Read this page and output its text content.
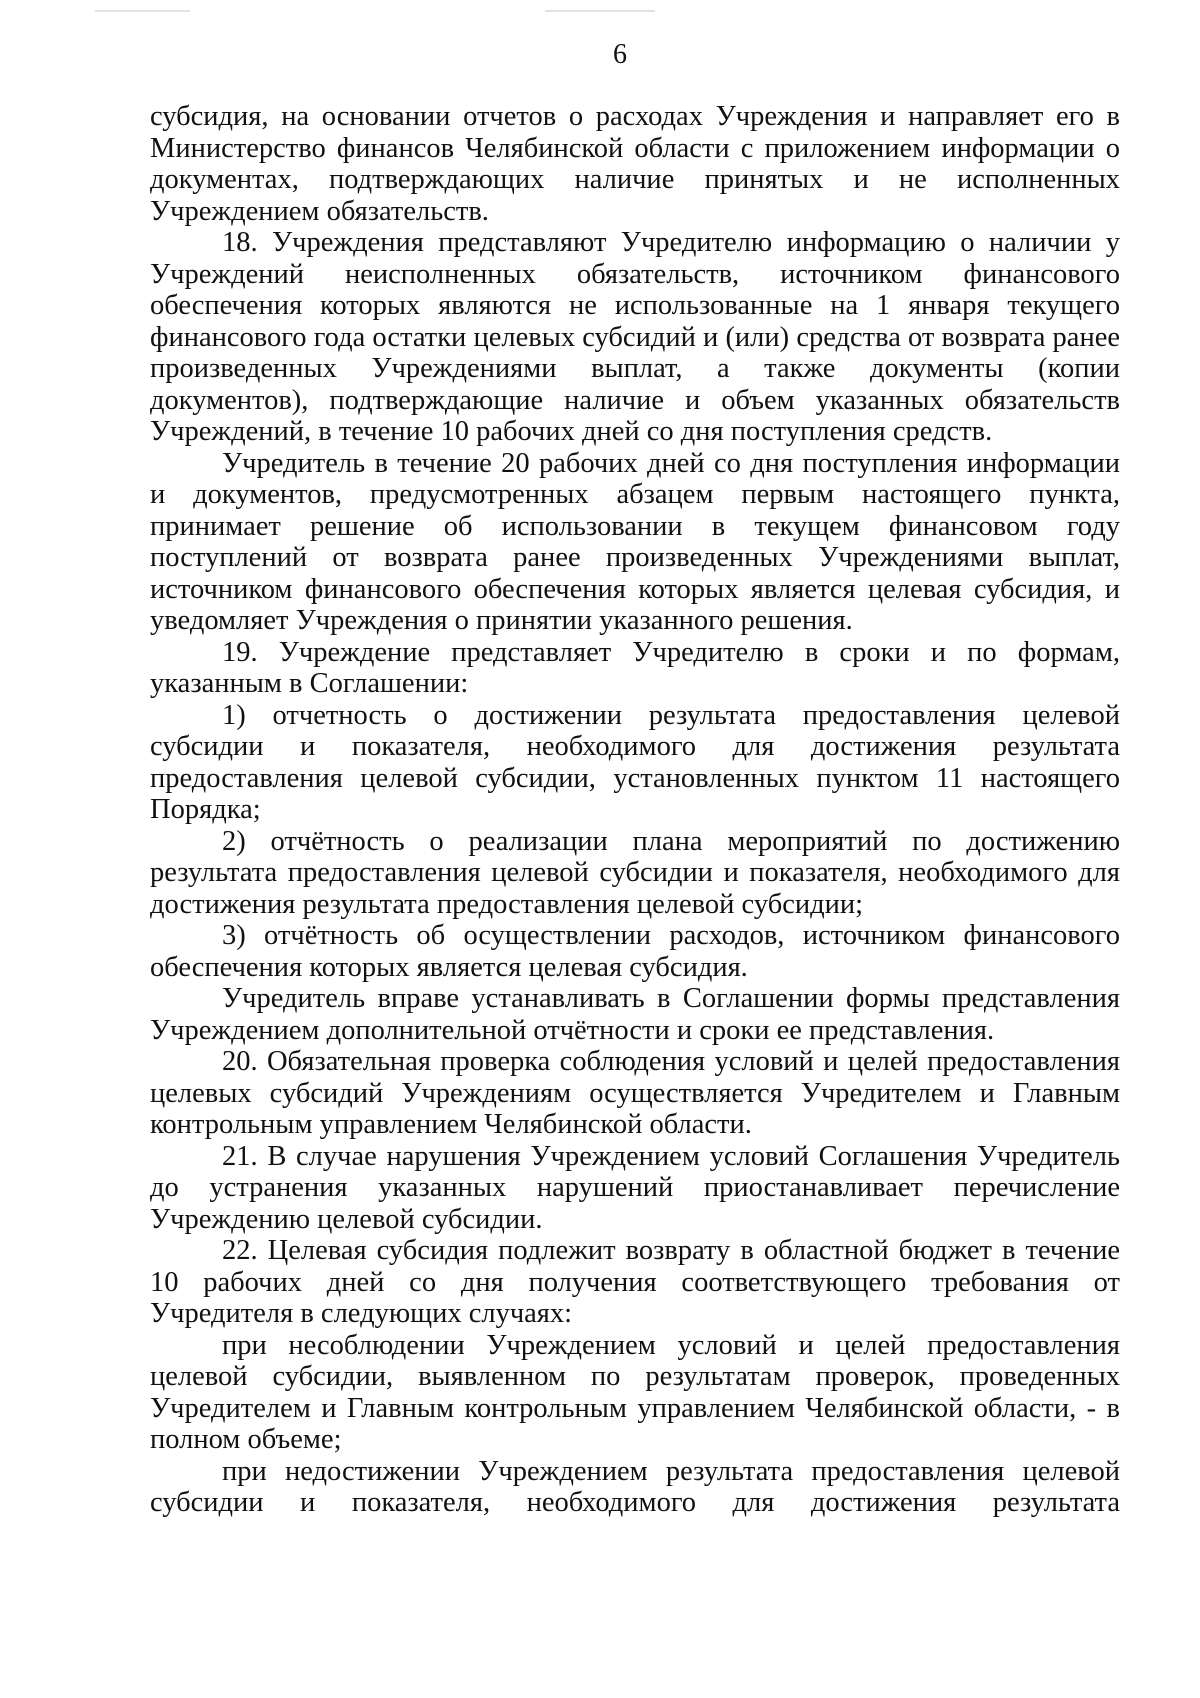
6

субсидия, на основании отчетов о расходах Учреждения и направляет его в Министерство финансов Челябинской области с приложением информации о документах, подтверждающих наличие принятых и не исполненных Учреждением обязательств.

18. Учреждения представляют Учредителю информацию о наличии у Учреждений неисполненных обязательств, источником финансового обеспечения которых являются не использованные на 1 января текущего финансового года остатки целевых субсидий и (или) средства от возврата ранее произведенных Учреждениями выплат, а также документы (копии документов), подтверждающие наличие и объем указанных обязательств Учреждений, в течение 10 рабочих дней со дня поступления средств.

Учредитель в течение 20 рабочих дней со дня поступления информации и документов, предусмотренных абзацем первым настоящего пункта, принимает решение об использовании в текущем финансовом году поступлений от возврата ранее произведенных Учреждениями выплат, источником финансового обеспечения которых является целевая субсидия, и уведомляет Учреждения о принятии указанного решения.

19. Учреждение представляет Учредителю в сроки и по формам, указанным в Соглашении:

1) отчетность о достижении результата предоставления целевой субсидии и показателя, необходимого для достижения результата предоставления целевой субсидии, установленных пунктом 11 настоящего Порядка;

2) отчётность о реализации плана мероприятий по достижению результата предоставления целевой субсидии и показателя, необходимого для достижения результата предоставления целевой субсидии;

3) отчётность об осуществлении расходов, источником финансового обеспечения которых является целевая субсидия.

Учредитель вправе устанавливать в Соглашении формы представления Учреждением дополнительной отчётности и сроки ее представления.

20. Обязательная проверка соблюдения условий и целей предоставления целевых субсидий Учреждениям осуществляется Учредителем и Главным контрольным управлением Челябинской области.

21. В случае нарушения Учреждением условий Соглашения Учредитель до устранения указанных нарушений приостанавливает перечисление Учреждению целевой субсидии.

22. Целевая субсидия подлежит возврату в областной бюджет в течение 10 рабочих дней со дня получения соответствующего требования от Учредителя в следующих случаях:

при несоблюдении Учреждением условий и целей предоставления целевой субсидии, выявленном по результатам проверок, проведенных Учредителем и Главным контрольным управлением Челябинской области, - в полном объеме;

при недостижении Учреждением результата предоставления целевой субсидии и показателя, необходимого для достижения результата
